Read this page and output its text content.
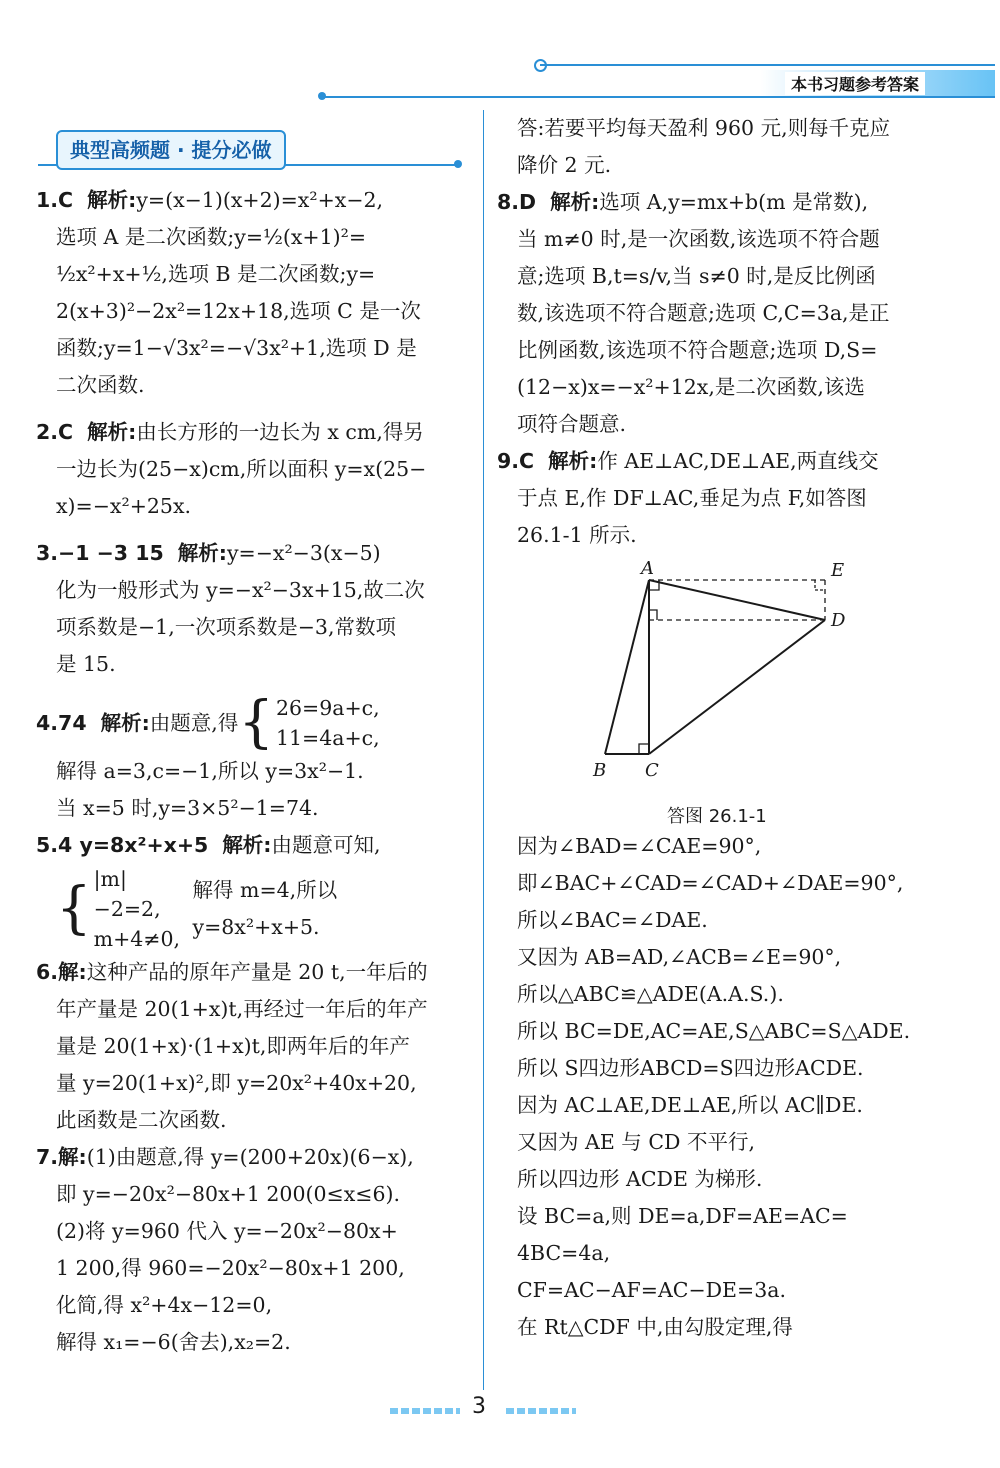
本书习题参考答案
典型高频题 · 提分必做

1.C 解析:y=(x−1)(x+2)=x²+x−2,

选项 A 是二次函数;y=½(x+1)²=

½x²+x+½,选项 B 是二次函数;y=

2(x+3)²−2x²=12x+18,选项 C 是一次

函数;y=1−√3x²=−√3x²+1,选项 D 是

二次函数.

2.C 解析:由长方形的一边长为 x cm,得另

一边长为(25−x)cm,所以面积 y=x(25−

x)=−x²+25x.

3.−1 −3 15 解析:y=−x²−3(x−5)

化为一般形式为 y=−x²−3x+15,故二次

项系数是−1,一次项系数是−3,常数项

是 15.

4.74 解析: 由题意,得 { 26=9a+c,
11=4a+c,

解得 a=3,c=−1,所以 y=3x²−1.

当 x=5 时,y=3×5²−1=74.

5.4 y=8x²+x+5 解析:由题意可知,

{ |m|−2=2,
m+4≠0,
解得 m=4,所以 y=8x²+x+5.

6.解:这种产品的原年产量是 20 t,一年后的

年产量是 20(1+x)t,再经过一年后的年产

量是 20(1+x)·(1+x)t,即两年后的年产

量 y=20(1+x)²,即 y=20x²+40x+20,

此函数是二次函数.

7.解:(1)由题意,得 y=(200+20x)(6−x),

即 y=−20x²−80x+1 200(0≤x≤6).

(2)将 y=960 代入 y=−20x²−80x+

1 200,得 960=−20x²−80x+1 200,

化简,得 x²+4x−12=0,

解得 x₁=−6(舍去),x₂=2.

答:若要平均每天盈利 960 元,则每千克应

降价 2 元.

8.D 解析:选项 A,y=mx+b(m 是常数),

当 m≠0 时,是一次函数,该选项不符合题

意;选项 B,t=s/v,当 s≠0 时,是反比例函

数,该选项不符合题意;选项 C,C=3a,是正

比例函数,该选项不符合题意;选项 D,S=

(12−x)x=−x²+12x,是二次函数,该选

项符合题意.

9.C 解析:作 AE⊥AC,DE⊥AE,两直线交

于点 E,作 DF⊥AC,垂足为点 F,如答图

26.1-1 所示.

A	E
D
B C
答图 26.1-1

因为∠BAD=∠CAE=90°,

即∠BAC+∠CAD=∠CAD+∠DAE=90°,

所以∠BAC=∠DAE.

又因为 AB=AD,∠ACB=∠E=90°,

所以△ABC≌△ADE(A.A.S.).

所以 BC=DE,AC=AE,S△ABC=S△ADE.

所以 S四边形ABCD=S四边形ACDE.

因为 AC⊥AE,DE⊥AE,所以 AC∥DE.

又因为 AE 与 CD 不平行,

所以四边形 ACDE 为梯形.

设 BC=a,则 DE=a,DF=AE=AC=

4BC=4a,

CF=AC−AF=AC−DE=3a.

在 Rt△CDF 中,由勾股定理,得

3
